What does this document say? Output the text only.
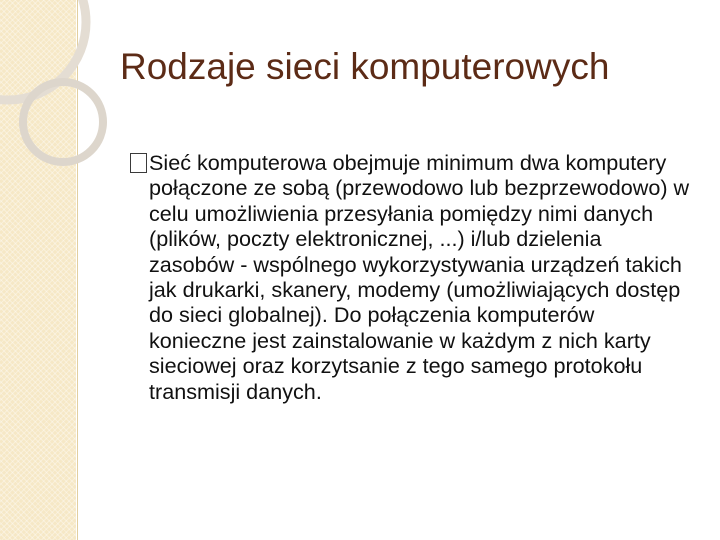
Rodzaje sieci komputerowych

Sieć komputerowa obejmuje minimum dwa komputery połączone ze sobą (przewodowo lub bezprzewodowo) w celu umożliwienia przesyłania pomiędzy nimi danych (plików, poczty elektronicznej, ...) i/lub dzielenia zasobów - wspólnego wykorzystywania urządzeń takich jak drukarki, skanery, modemy (umożliwiających dostęp do sieci globalnej). Do połączenia komputerów konieczne jest zainstalowanie w każdym z nich karty sieciowej oraz korzytsanie z tego samego protokołu transmisji danych.
